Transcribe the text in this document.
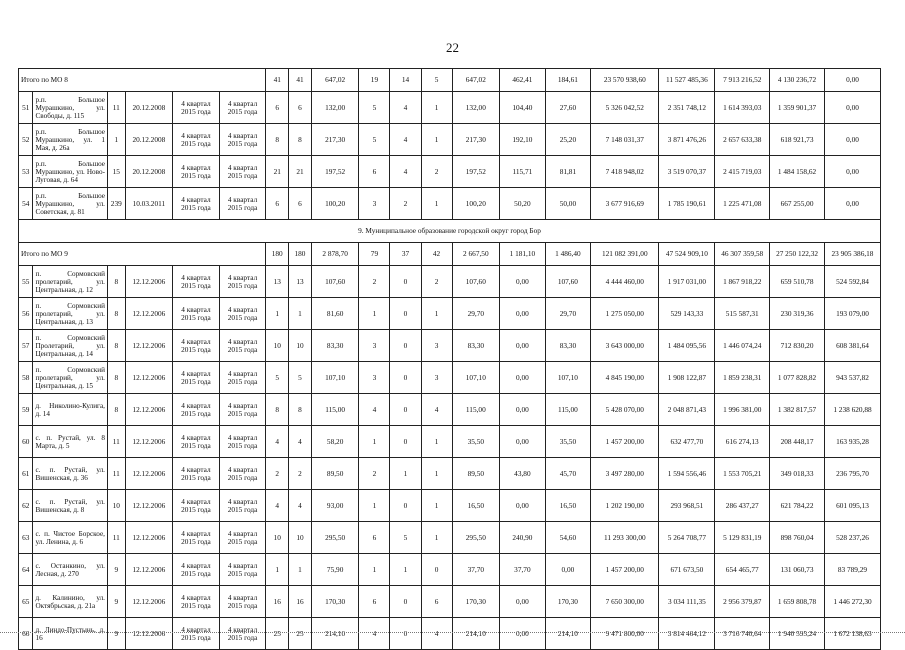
22
Итого по МО 8						41	41	647,02	19	14	5	647,02	462,41	184,61	23 570 938,60	11 527 485,36	7 913 216,52	4 130 236,72	0,00
51	р.п. Большое Мурашкино, ул. Свободы, д. 115	11	20.12.2008	4 квартал 2015 года	4 квартал 2015 года	6	6	132,00	5	4	1	132,00	104,40	27,60	5 326 042,52	2 351 748,12	1 614 393,03	1 359 901,37	0,00
52	р.п. Большое Мурашкино, ул. 1 Мая, д. 26а	1	20.12.2008	4 квартал 2015 года	4 квартал 2015 года	8	8	217,30	5	4	1	217,30	192,10	25,20	7 148 031,37	3 871 476,26	2 657 633,38	618 921,73	0,00
53	р.п. Большое Мурашкино, ул. Ново-Луговая, д. 64	15	20.12.2008	4 квартал 2015 года	4 квартал 2015 года	21	21	197,52	6	4	2	197,52	115,71	81,81	7 418 948,02	3 519 070,37	2 415 719,03	1 484 158,62	0,00
54	р.п. Большое Мурашкино, ул. Советская, д. 81	239	10.03.2011	4 квартал 2015 года	4 квартал 2015 года	6	6	100,20	3	2	1	100,20	50,20	50,00	3 677 916,69	1 785 190,61	1 225 471,08	667 255,00	0,00
9. Муниципальное образование городской округ город Бор																			
Итого по МО 9						180	180	2 878,70	79	37	42	2 667,50	1 181,10	1 486,40	121 082 391,00	47 524 909,10	46 307 359,58	27 250 122,32	23 905 386,18
55	п. Сормовский пролетарий, ул. Центральная, д. 12	8	12.12.2006	4 квартал 2015 года	4 квартал 2015 года	13	13	107,60	2	0	2	107,60	0,00	107,60	4 444 460,00	1 917 031,00	1 867 918,22	659 510,78	524 592,84
56	п. Сормовский пролетарий, ул. Центральная, д. 13	8	12.12.2006	4 квартал 2015 года	4 квартал 2015 года	1	1	81,60	1	0	1	29,70	0,00	29,70	1 275 050,00	529 143,33	515 587,31	230 319,36	193 079,00
57	п. Сормовский Пролетарий, ул. Центральная, д. 14	8	12.12.2006	4 квартал 2015 года	4 квартал 2015 года	10	10	83,30	3	0	3	83,30	0,00	83,30	3 643 000,00	1 484 095,56	1 446 074,24	712 830,20	608 381,64
58	п. Сормовский пролетарий, ул. Центральная, д. 15	8	12.12.2006	4 квартал 2015 года	4 квартал 2015 года	5	5	107,10	3	0	3	107,10	0,00	107,10	4 845 190,00	1 908 122,87	1 859 238,31	1 077 828,82	943 537,82
59	д. Николино-Кулига, д. 14	8	12.12.2006	4 квартал 2015 года	4 квартал 2015 года	8	8	115,00	4	0	4	115,00	0,00	115,00	5 428 070,00	2 048 871,43	1 996 381,00	1 382 817,57	1 238 620,88
60	с. п. Рустай, ул. 8 Марта, д. 5	11	12.12.2006	4 квартал 2015 года	4 квартал 2015 года	4	4	58,20	1	0	1	35,50	0,00	35,50	1 457 200,00	632 477,70	616 274,13	208 448,17	163 935,28
61	с. п. Рустай, ул. Вишенская, д. 36	11	12.12.2006	4 квартал 2015 года	4 квартал 2015 года	2	2	89,50	2	1	1	89,50	43,80	45,70	3 497 280,00	1 594 556,46	1 553 705,21	349 018,33	236 795,70
62	с. п. Рустай, ул. Вишенская, д. 8	10	12.12.2006	4 квартал 2015 года	4 квартал 2015 года	4	4	93,00	1	0	1	16,50	0,00	16,50	1 202 190,00	293 968,51	286 437,27	621 784,22	601 095,13
63	с. п. Чистое Борское, ул. Ленина, д. 6	11	12.12.2006	4 квартал 2015 года	4 квартал 2015 года	10	10	295,50	6	5	1	295,50	240,90	54,60	11 293 300,00	5 264 708,77	5 129 831,19	898 760,04	528 237,26
64	с. Останкино, ул. Лесная, д. 270	9	12.12.2006	4 квартал 2015 года	4 квартал 2015 года	1	1	75,90	1	1	0	37,70	37,70	0,00	1 457 200,00	671 673,50	654 465,77	131 060,73	83 789,29
65	д. Калинино, ул. Октябрьская, д. 21а	9	12.12.2006	4 квартал 2015 года	4 квартал 2015 года	16	16	170,30	6	0	6	170,30	0,00	170,30	7 650 300,00	3 034 111,35	2 956 379,87	1 659 808,78	1 446 272,30
66	д. Линдо-Пустынь, д. 16	9	12.12.2006	4 квартал 2015 года	4 квартал 2015 года	25	25	214,10	4	0	4	214,10	0,00	214,10	9 471 800,00	3 814 464,12	3 716 740,64	1 940 595,24	1 672 138,63
